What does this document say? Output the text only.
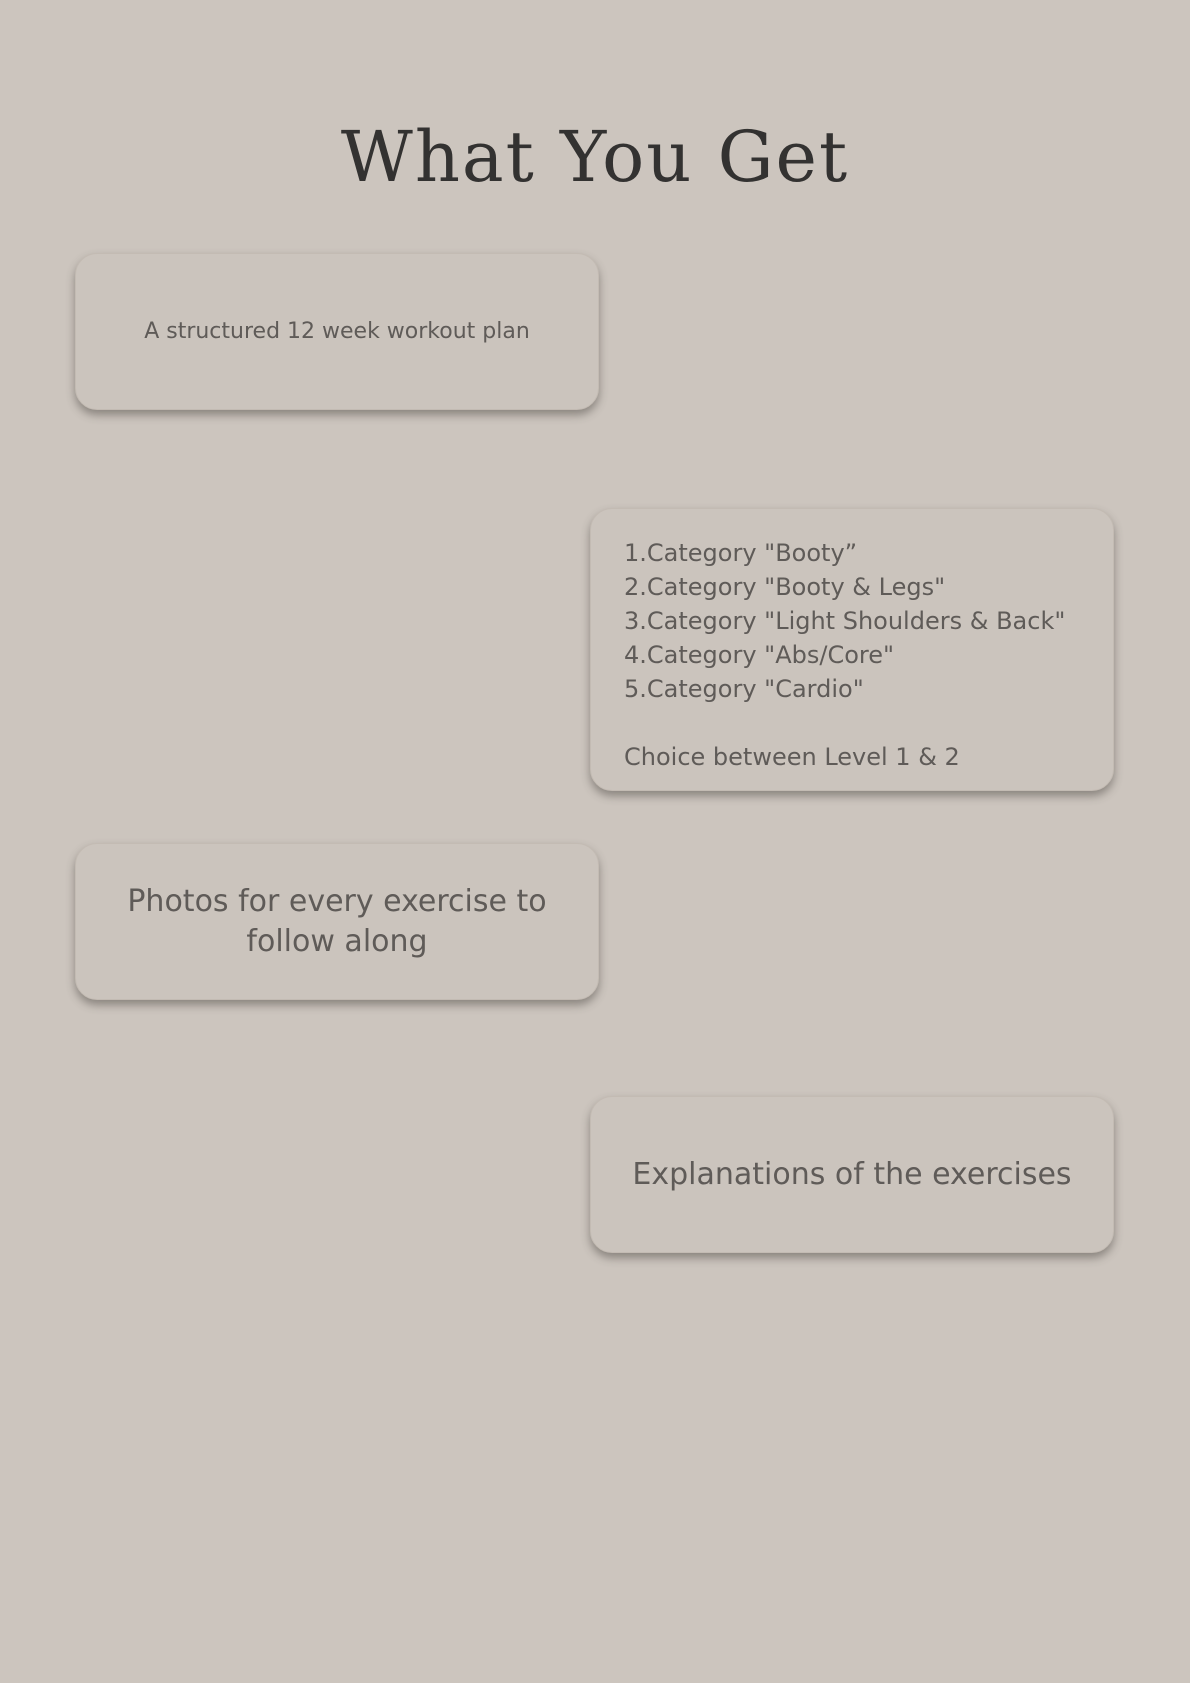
What You Get
A structured 12 week workout plan
1.Category "Booty”
2.Category "Booty & Legs"
3.Category "Light Shoulders & Back"
4.Category "Abs/Core"
5.Category "Cardio"
Choice between Level 1 & 2
Photos for every exercise to follow along
Explanations of the exercises
